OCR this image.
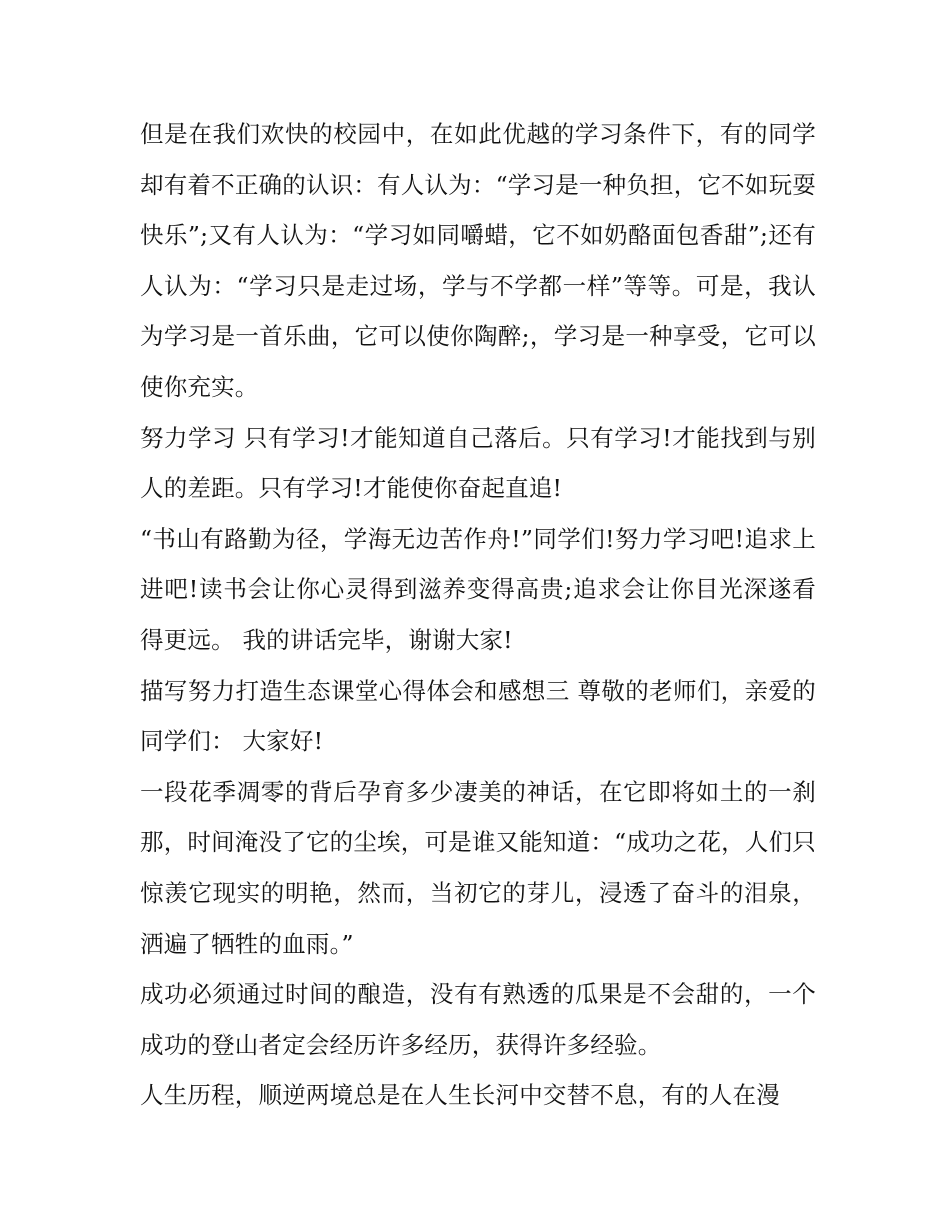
但是在我们欢快的校园中，在如此优越的学习条件下，有的同学却有着不正确的认识：有人认为：“学习是一种负担，它不如玩耍快乐”;又有人认为：“学习如同嚼蜡，它不如奶酪面包香甜”;还有人认为：“学习只是走过场，学与不学都一样”等等。可是，我认为学习是一首乐曲，它可以使你陶醉;，学习是一种享受，它可以使你充实。

努力学习 只有学习!才能知道自己落后。只有学习!才能找到与别人的差距。只有学习!才能使你奋起直追!

“书山有路勤为径，学海无边苦作舟!”同学们!努力学习吧!追求上进吧!读书会让你心灵得到滋养变得高贵;追求会让你目光深遂看得更远。 我的讲话完毕，谢谢大家!

描写努力打造生态课堂心得体会和感想三 尊敬的老师们，亲爱的同学们： 大家好!

一段花季凋零的背后孕育多少凄美的神话，在它即将如土的一刹那，时间淹没了它的尘埃，可是谁又能知道：“成功之花，人们只惊羡它现实的明艳，然而，当初它的芽儿，浸透了奋斗的泪泉，洒遍了牺牲的血雨。”

成功必须通过时间的酿造，没有有熟透的瓜果是不会甜的，一个成功的登山者定会经历许多经历，获得许多经验。

人生历程，顺逆两境总是在人生长河中交替不息，有的人在漫
